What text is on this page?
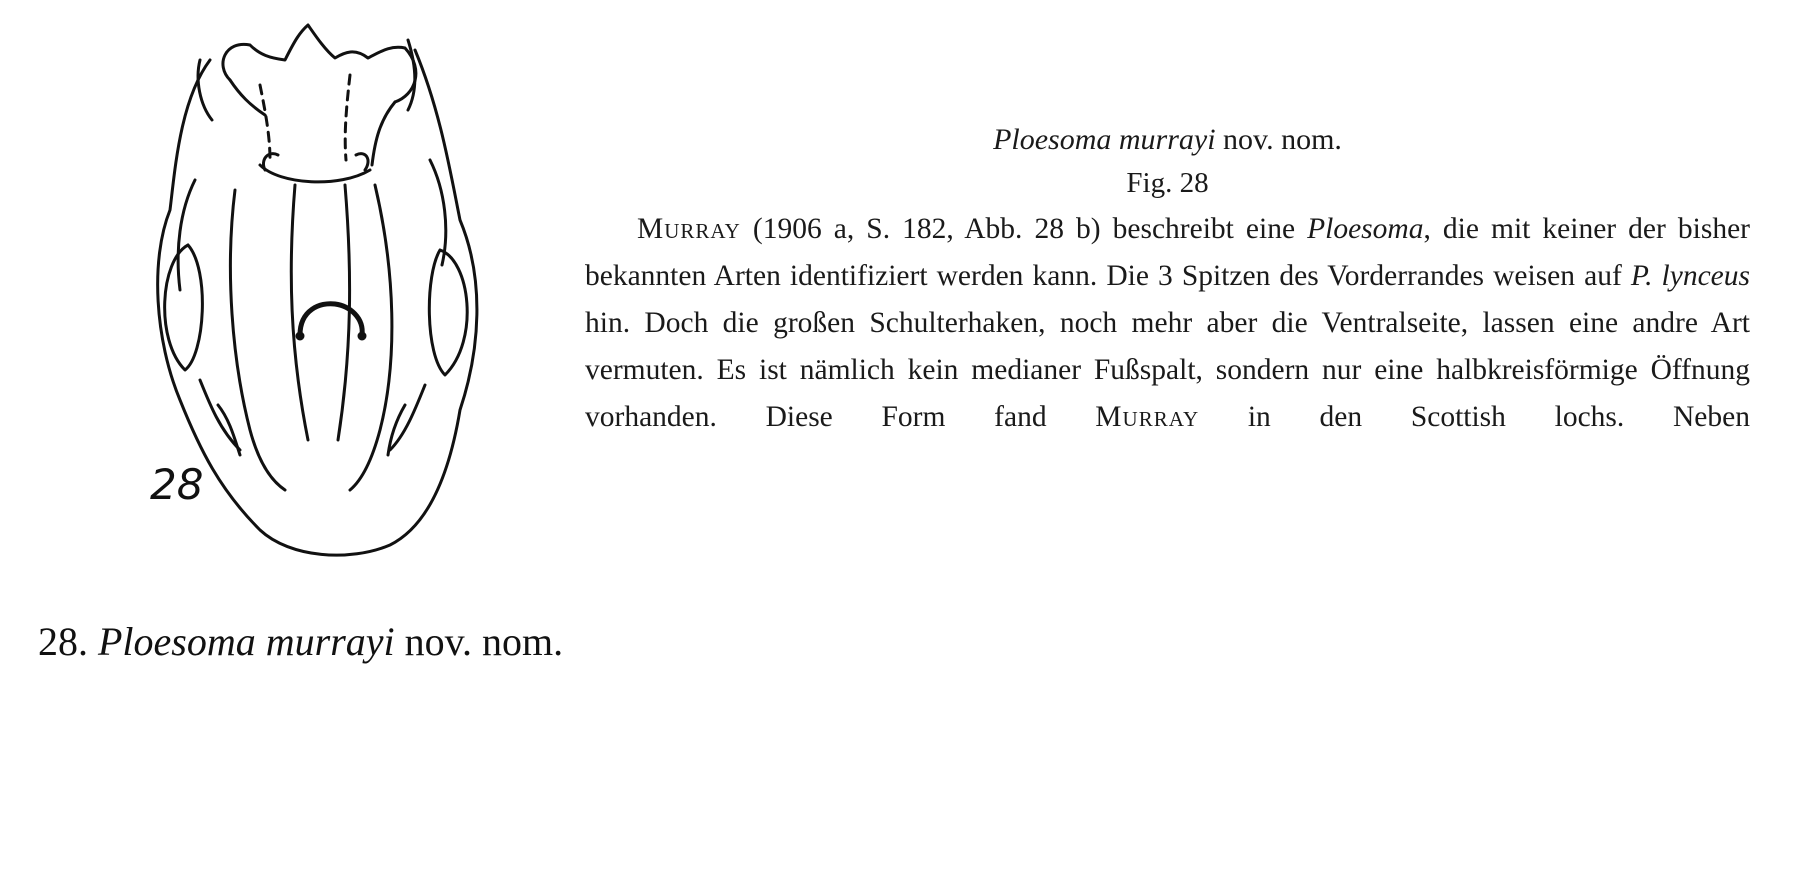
28
28. Ploesoma murrayi nov. nom.
Ploesoma murrayi nov. nom.
Fig. 28

Murray (1906 a, S. 182, Abb. 28 b) beschreibt eine Ploesoma, die mit keiner der bisher bekannten Arten identifiziert werden kann. Die 3 Spitzen des Vorderrandes weisen auf P. lynceus hin. Doch die großen Schulterhaken, noch mehr aber die Ventralseite, lassen eine andre Art vermuten. Es ist nämlich kein medianer Fußspalt, sondern nur eine halbkreisförmige Öffnung vorhanden. Diese Form fand Murray in den Scottish lochs. Neben
